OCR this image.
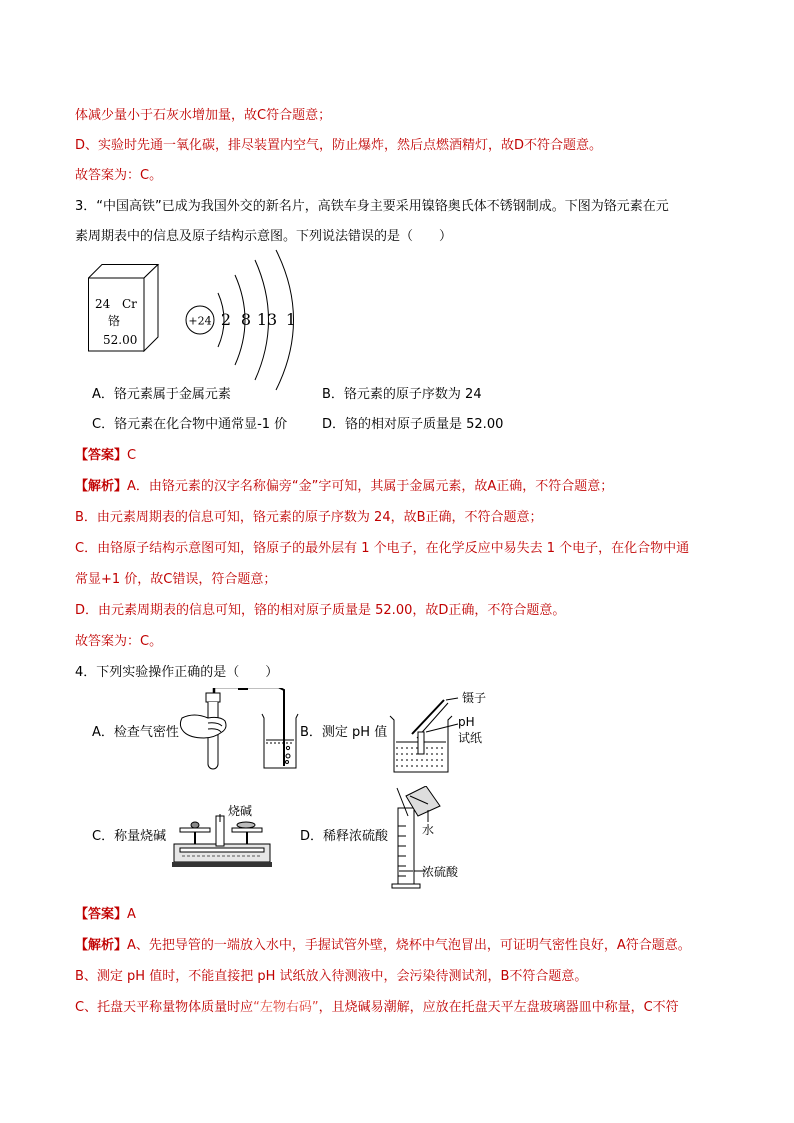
体减少量小于石灰水增加量，故C符合题意；
D、实验时先通一氧化碳，排尽装置内空气，防止爆炸，然后点燃酒精灯，故D不符合题意。
故答案为：C。
3．“中国高铁”已成为我国外交的新名片，高铁车身主要采用镍铬奥氏体不锈钢制成。下图为铬元素在元
素周期表中的信息及原子结构示意图。下列说法错误的是（　　）
24 Cr
铬
52.00
+24 2 8 13 1
A．铬元素属于金属元素	B．铬元素的原子序数为 24
C．铬元素在化合物中通常显-1 价	D．铬的相对原子质量是 52.00
【答案】C
【解析】A．由铬元素的汉字名称偏旁“金”字可知，其属于金属元素，故A正确，不符合题意；
B．由元素周期表的信息可知，铬元素的原子序数为 24，故B正确，不符合题意；
C．由铬原子结构示意图可知，铬原子的最外层有 1 个电子，在化学反应中易失去 1 个电子，在化合物中通
常显+1 价，故C错误，符合题意；
D．由元素周期表的信息可知，铬的相对原子质量是 52.00，故D正确，不符合题意。
故答案为：C。
4．下列实验操作正确的是（　　）
A．检查气密性	B．测定 pH 值
镊子
pH
试纸
烧碱
C．称量烧碱	D．稀释浓硫酸	水
浓硫酸
【答案】A
【解析】A、先把导管的一端放入水中，手握试管外壁，烧杯中气泡冒出，可证明气密性良好，A符合题意。
B、测定 pH 值时，不能直接把 pH 试纸放入待测液中，会污染待测试剂，B不符合题意。
C、托盘天平称量物体质量时应“左物右码”，且烧碱易潮解，应放在托盘天平左盘玻璃器皿中称量，C不符
